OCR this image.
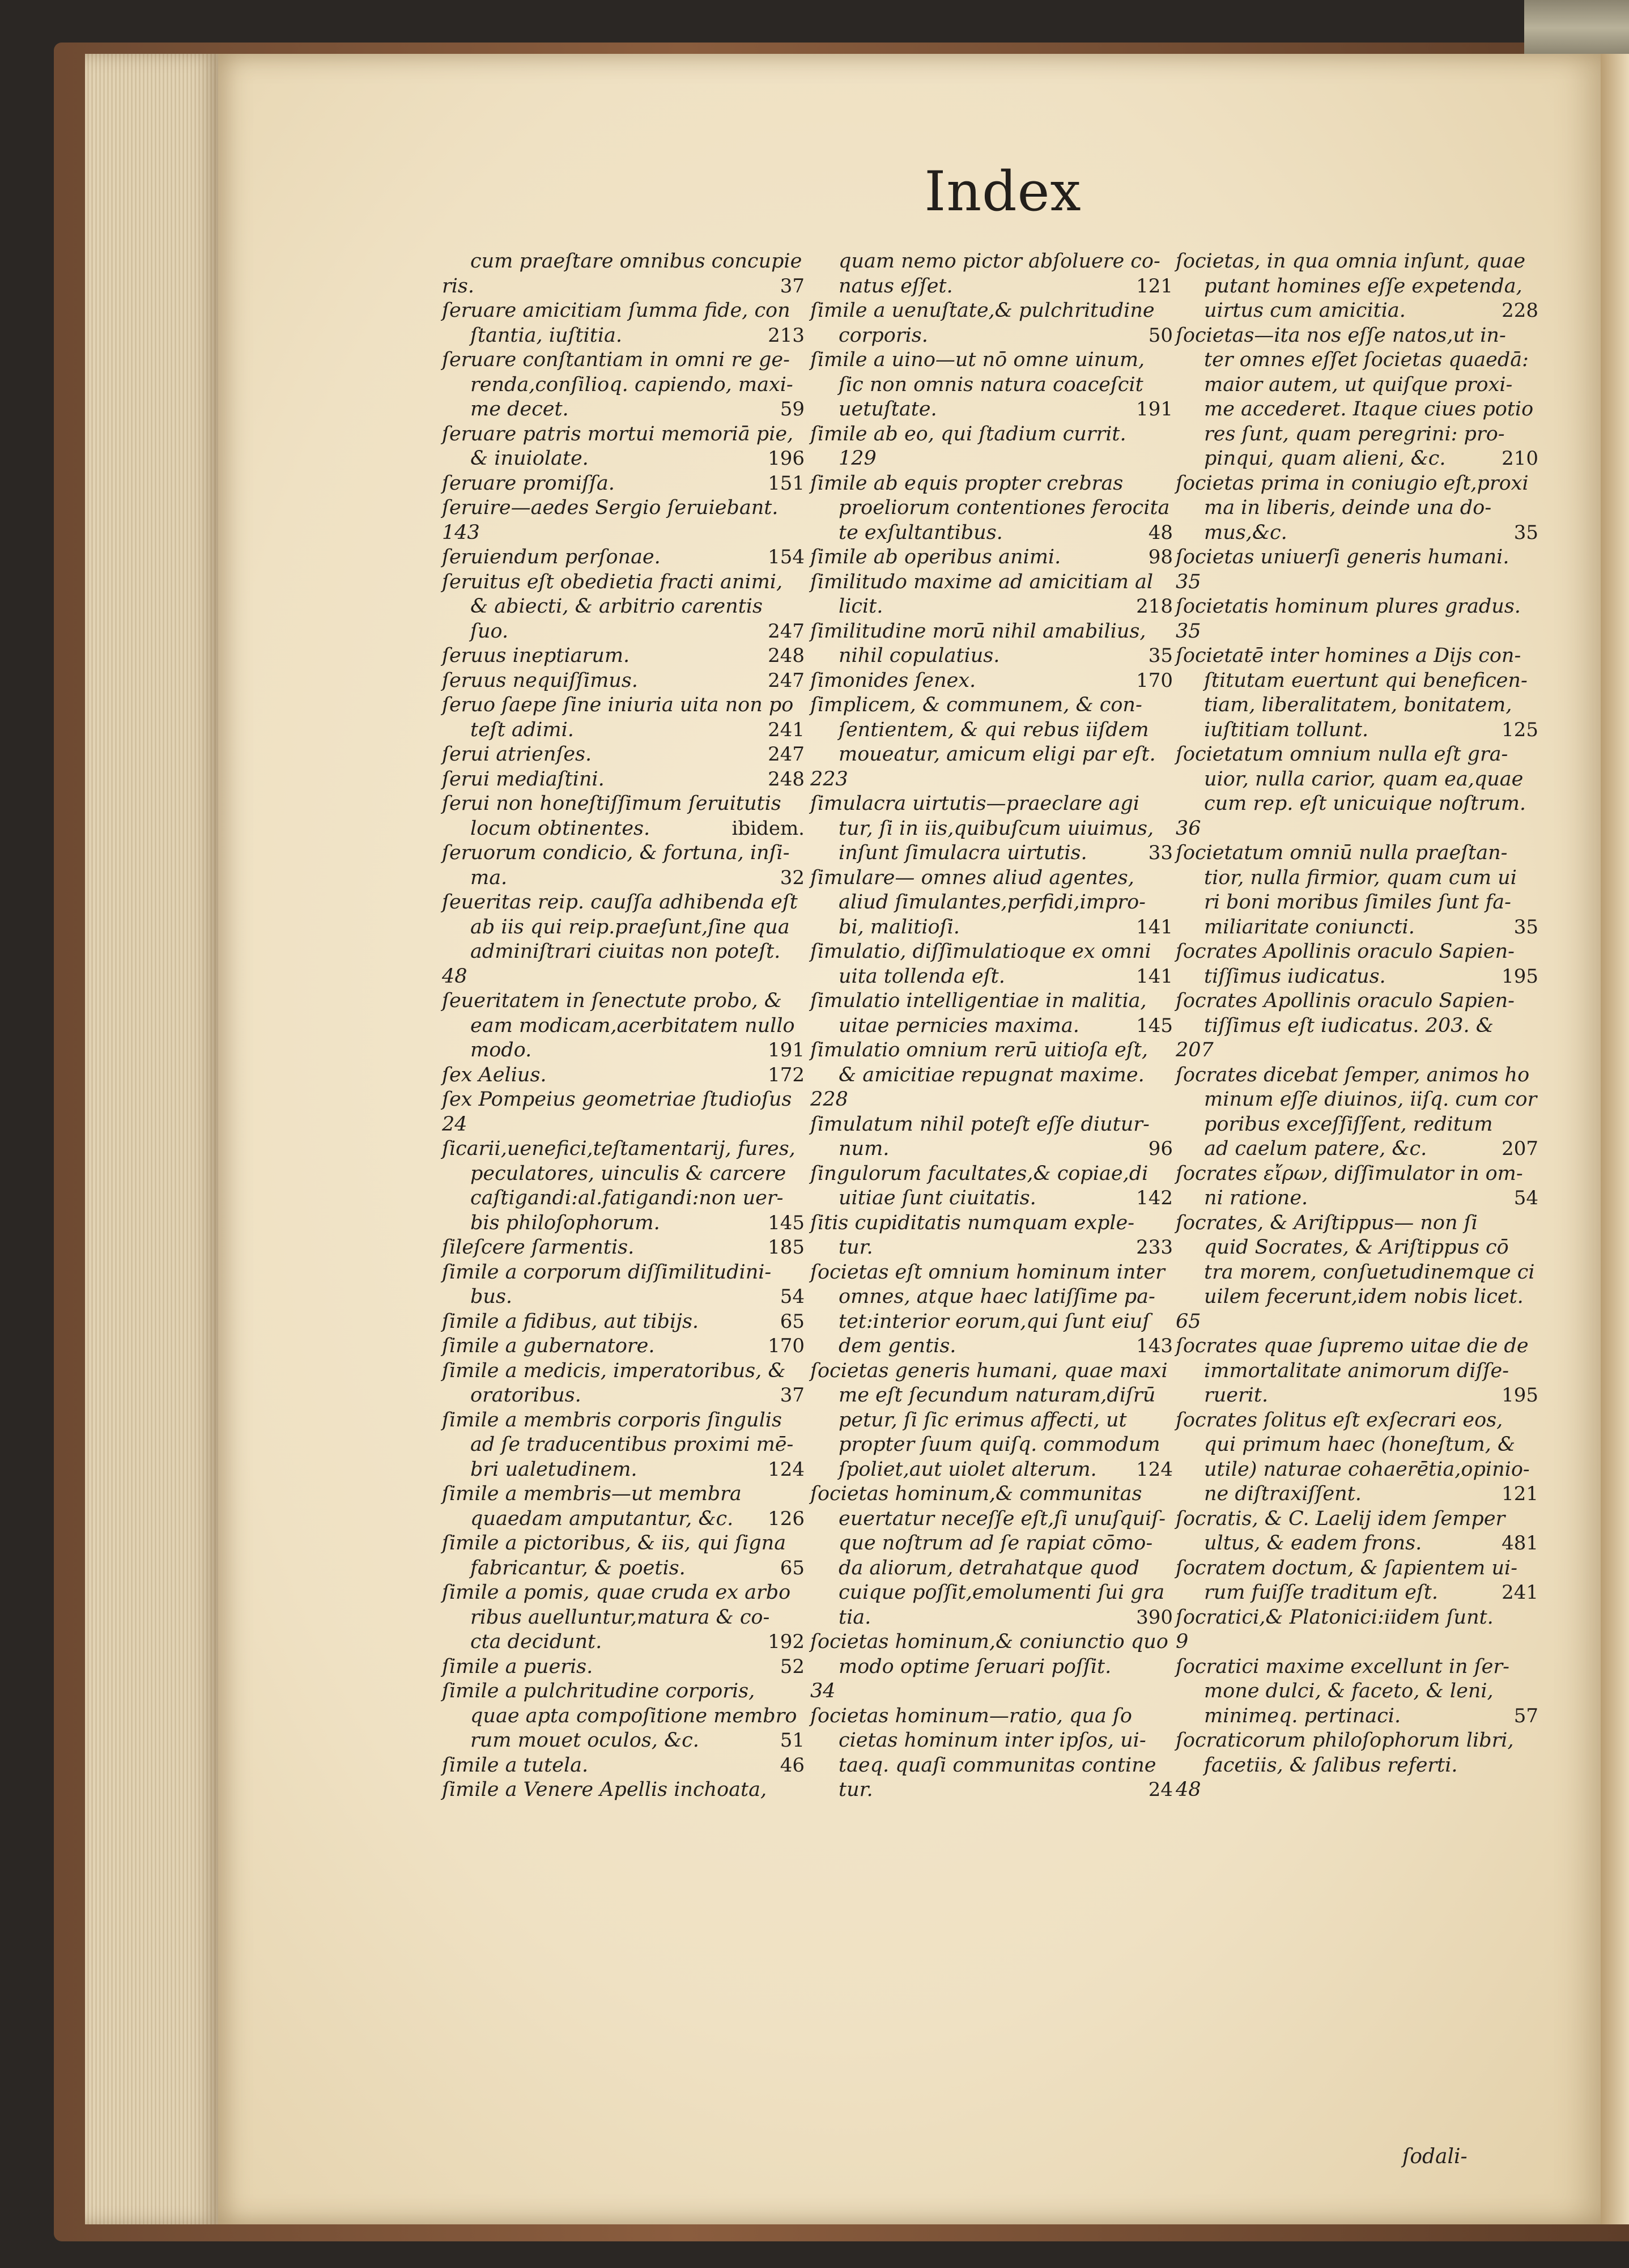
Index
cum praeſtare omnibus concupie
37
ris.
ſeruare amicitiam ſumma fide, con
213
ſtantia, iuſtitia.
ſeruare conſtantiam in omni re ge-
renda,conſilioq. capiendo, maxi-
59
me decet.
ſeruare patris mortui memoriā pie,
196
& inuiolate.
151
ſeruare promiſſa.
ſeruire—aedes Sergio ſeruiebant.
143
154
ſeruiendum perſonae.
ſeruitus eſt obedietia fracti animi,
& abiecti, & arbitrio carentis
247
ſuo.
248
ſeruus ineptiarum.
247
ſeruus nequiſſimus.
ſeruo ſaepe ſine iniuria uita non po
241
teſt adimi.
247
ſerui atrienſes.
248
ſerui mediaſtini.
ſerui non honeſtiſſimum ſeruitutis
ibidem.
locum obtinentes.
ſeruorum condicio, & fortuna, inſi-
32
ma.
ſeueritas reip. cauſſa adhibenda eſt
ab iis qui reip.praeſunt,ſine qua
adminiſtrari ciuitas non poteſt.
48
ſeueritatem in ſenectute probo, &
eam modicam,acerbitatem nullo
191
modo.
172
ſex Aelius.
ſex Pompeius geometriae ſtudioſus
24
ſicarii,uenefici,teſtamentarij, fures,
peculatores, uinculis & carcere
caſtigandi:al.fatigandi:non uer-
145
bis philoſophorum.
185
ſileſcere ſarmentis.
ſimile a corporum diſſimilitudini-
54
bus.
65
ſimile a fidibus, aut tibijs.
170
ſimile a gubernatore.
ſimile a medicis, imperatoribus, &
37
oratoribus.
ſimile a membris corporis ſingulis
ad ſe traducentibus proximi mē-
124
bri ualetudinem.
ſimile a membris—ut membra
126
quaedam amputantur, &c.
ſimile a pictoribus, & iis, qui ſigna
65
fabricantur, & poetis.
ſimile a pomis, quae cruda ex arbo
ribus auelluntur,matura & co-
192
cta decidunt.
52
ſimile a pueris.
ſimile a pulchritudine corporis,
quae apta compoſitione membro
51
rum mouet oculos, &c.
46
ſimile a tutela.
ſimile a Venere Apellis inchoata,
quam nemo pictor abſoluere co-
121
natus eſſet.
ſimile a uenuſtate,& pulchritudine
50
corporis.
ſimile a uino—ut nō omne uinum,
ſic non omnis natura coaceſcit
191
uetuſtate.
ſimile ab eo, qui ſtadium currit.
129
ſimile ab equis propter crebras
proeliorum contentiones ferocita
48
te exſultantibus.
98
ſimile ab operibus animi.
ſimilitudo maxime ad amicitiam al
218
licit.
ſimilitudine morū nihil amabilius,
35
nihil copulatius.
170
ſimonides ſenex.
ſimplicem, & communem, & con-
ſentientem, & qui rebus iiſdem
moueatur, amicum eligi par eſt.
223
ſimulacra uirtutis—praeclare agi
tur, ſi in iis,quibuſcum uiuimus,
33
inſunt ſimulacra uirtutis.
ſimulare— omnes aliud agentes,
aliud ſimulantes,perfidi,impro-
141
bi, malitioſi.
ſimulatio, diſſimulatioque ex omni
141
uita tollenda eſt.
ſimulatio intelligentiae in malitia,
145
uitae pernicies maxima.
ſimulatio omnium rerū uitioſa eſt,
& amicitiae repugnat maxime.
228
ſimulatum nihil poteſt eſſe diutur-
96
num.
ſingulorum facultates,& copiae,di
142
uitiae ſunt ciuitatis.
ſitis cupiditatis numquam exple-
233
tur.
ſocietas eſt omnium hominum inter
omnes, atque haec latiſſime pa-
tet:interior eorum,qui ſunt eiuſ
143
dem gentis.
ſocietas generis humani, quae maxi
me eſt ſecundum naturam,diſrū
petur, ſi ſic erimus affecti, ut
propter ſuum quiſq. commodum
124
ſpoliet,aut uiolet alterum.
ſocietas hominum,& communitas
euertatur neceſſe eſt,ſi unuſquiſ-
que noſtrum ad ſe rapiat cōmo-
da aliorum, detrahatque quod
cuique poſſit,emolumenti ſui gra
390
tia.
ſocietas hominum,& coniunctio quo
modo optime ſeruari poſſit.
34
ſocietas hominum—ratio, qua ſo
cietas hominum inter ipſos, ui-
taeq. quaſi communitas contine
24
tur.
ſocietas, in qua omnia inſunt, quae
putant homines eſſe expetenda,
228
uirtus cum amicitia.
ſocietas—ita nos eſſe natos,ut in-
ter omnes eſſet ſocietas quaedā:
maior autem, ut quiſque proxi-
me accederet. Itaque ciues potio
res ſunt, quam peregrini: pro-
210
pinqui, quam alieni, &c.
ſocietas prima in coniugio eſt,proxi
ma in liberis, deinde una do-
35
mus,&c.
ſocietas uniuerſi generis humani.
35
ſocietatis hominum plures gradus.
35
ſocietatē inter homines a Dijs con-
ſtitutam euertunt qui beneficen-
tiam, liberalitatem, bonitatem,
125
iuſtitiam tollunt.
ſocietatum omnium nulla eſt gra-
uior, nulla carior, quam ea,quae
cum rep. eſt unicuique noſtrum.
36
ſocietatum omniū nulla praeſtan-
tior, nulla firmior, quam cum ui
ri boni moribus ſimiles ſunt fa-
35
miliaritate coniuncti.
ſocrates Apollinis oraculo Sapien-
195
tiſſimus iudicatus.
ſocrates Apollinis oraculo Sapien-
tiſſimus eſt iudicatus. 203. &
207
ſocrates dicebat ſemper, animos ho
minum eſſe diuinos, iiſq. cum cor
poribus exceſſiſſent, reditum
207
ad caelum patere, &c.
ſocrates εἴρων, diſſimulator in om-
54
ni ratione.
ſocrates, & Ariſtippus— non ſi
quid Socrates, & Ariſtippus cō
tra morem, conſuetudinemque ci
uilem fecerunt,idem nobis licet.
65
ſocrates quae ſupremo uitae die de
immortalitate animorum diſſe-
195
ruerit.
ſocrates ſolitus eſt exſecrari eos,
qui primum haec (honeſtum, &
utile) naturae cohaerētia,opinio-
121
ne diſtraxiſſent.
ſocratis, & C. Laelij idem ſemper
481
ultus, & eadem frons.
ſocratem doctum, & ſapientem ui-
241
rum fuiſſe traditum eſt.
ſocratici,& Platonici:iidem ſunt.
9
ſocratici maxime excellunt in ſer-
mone dulci, & faceto, & leni,
57
minimeq. pertinaci.
ſocraticorum philoſophorum libri,
facetiis, & ſalibus referti.
48
ſodali-
